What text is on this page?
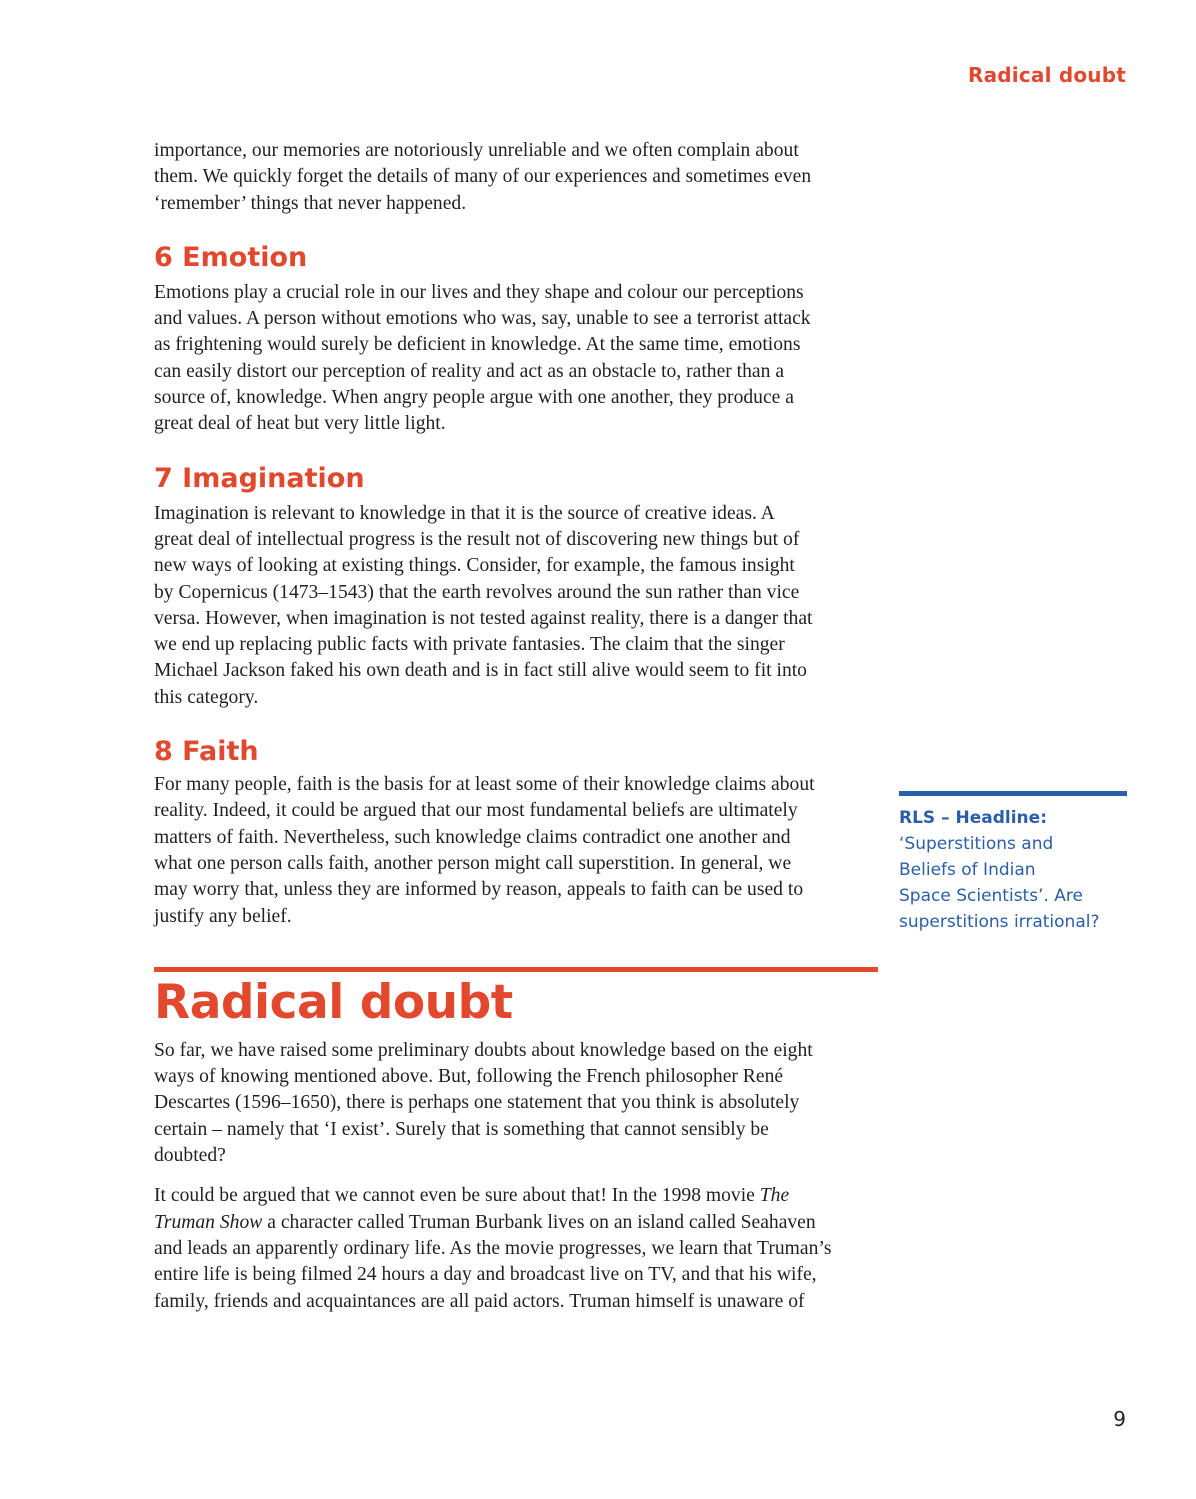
Radical doubt

importance, our memories are notoriously unreliable and we often complain about
them. We quickly forget the details of many of our experiences and sometimes even
‘remember’ things that never happened.

6 Emotion

Emotions play a crucial role in our lives and they shape and colour our perceptions
and values. A person without emotions who was, say, unable to see a terrorist attack
as frightening would surely be deficient in knowledge. At the same time, emotions
can easily distort our perception of reality and act as an obstacle to, rather than a
source of, knowledge. When angry people argue with one another, they produce a
great deal of heat but very little light.

7 Imagination

Imagination is relevant to knowledge in that it is the source of creative ideas. A
great deal of intellectual progress is the result not of discovering new things but of
new ways of looking at existing things. Consider, for example, the famous insight
by Copernicus (1473–1543) that the earth revolves around the sun rather than vice
versa. However, when imagination is not tested against reality, there is a danger that
we end up replacing public facts with private fantasies. The claim that the singer
Michael Jackson faked his own death and is in fact still alive would seem to fit into
this category.

8 Faith

For many people, faith is the basis for at least some of their knowledge claims about
reality. Indeed, it could be argued that our most fundamental beliefs are ultimately
matters of faith. Nevertheless, such knowledge claims contradict one another and
what one person calls faith, another person might call superstition. In general, we
may worry that, unless they are informed by reason, appeals to faith can be used to
justify any belief.

Radical doubt

So far, we have raised some preliminary doubts about knowledge based on the eight
ways of knowing mentioned above. But, following the French philosopher René
Descartes (1596–1650), there is perhaps one statement that you think is absolutely
certain – namely that ‘I exist’. Surely that is something that cannot sensibly be
doubted?

It could be argued that we cannot even be sure about that! In the 1998 movie The
Truman Show a character called Truman Burbank lives on an island called Seahaven
and leads an apparently ordinary life. As the movie progresses, we learn that Truman’s
entire life is being filmed 24 hours a day and broadcast live on TV, and that his wife,
family, friends and acquaintances are all paid actors. Truman himself is unaware of

RLS – Headline:
‘Superstitions and
Beliefs of Indian
Space Scientists’. Are
superstitions irrational?

9
